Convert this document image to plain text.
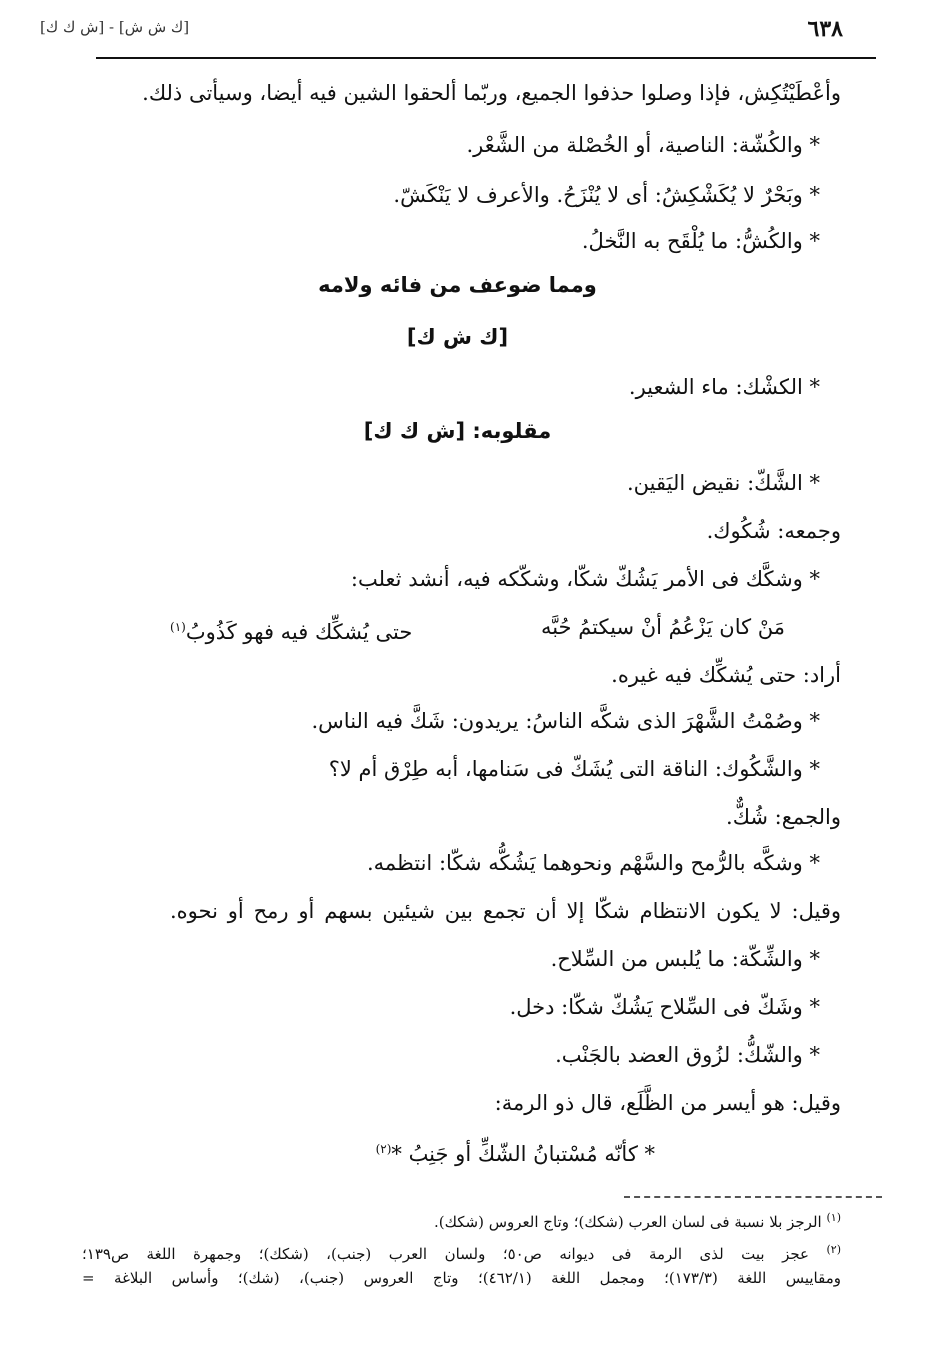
[ك ش ش] - [ش ك ك]	٦٣٨
وأعْطَيْتُكِش، فإذا وصلوا حذفوا الجميع، وربّما ألحقوا الشين فيه أيضا، وسيأتى ذلك.
* والكُشّة: الناصية، أو الخُصْلة من الشَّعْر.
* وبَحْرٌ لا يُكَشْكِشُ: أى لا يُنْزَحُ. والأعرف لا يَنْكَشّ.
* والكُشُّ: ما يُلْقَح به النَّخلُ.
ومما ضوعف من فائه ولامه
[ك ش ك]
* الكشْك: ماء الشعير.
مقلوبه: [ش ك ك]
* الشَّكّ: نقيض اليَقين.
وجمعه: شُكُوك.
* وشكَّك فى الأمر يَشُكّ شكّا، وشكّكه فيه، أنشد ثعلب:
مَنْ كان يَزْعُمُ أنْ سيكتمُ حُبَّه
حتى يُشكِّك فيه فهو كَذُوبُ$^{(١)}$
أراد: حتى يُشكِّك فيه غيره.
* وصُمْتُ الشَّهْرَ الذى شكَّه الناسُ: يريدون: شَكَّ فيه الناس.
* والشَّكُوك: الناقة التى يُشَكّ فى سَنامها، أبه طِرْق أم لا؟
والجمع: شُكٌّ.
* وشكَّه بالرُّمح والسَّهْم ونحوهما يَشُكُّه شكّا: انتظمه.
وقيل: لا يكون الانتظام شكّا إلا أن تجمع بين شيئين بسهم أو رمح أو نحوه.
* والشِّكّة: ما يُلبس من السِّلاح.
* وشَكّ فى السِّلاح يَشُكّ شكّا: دخل.
* والشّكُّ: لزُوق العضد بالجَنْب.
وقيل: هو أيسر من الظَّلَع، قال ذو الرمة:
* كأنّه مُسْتبانُ الشّكِّ أو جَنِبُ *$^{(٢)}$
$^{(١)}$ الرجز بلا نسبة فى لسان العرب (شكك)؛ وتاج العروس (شكك).
$^{(٢)}$ عجز بيت لذى الرمة فى ديوانه ص٥٠؛ ولسان العرب (جنب)، (شكك)؛ وجمهرة اللغة ص١٣٩؛
ومقاييس اللغة (١٧٣/٣)؛ ومجمل اللغة (٤٦٢/١)؛ وتاج العروس (جنب)، (شك)؛ وأساس البلاغة =
